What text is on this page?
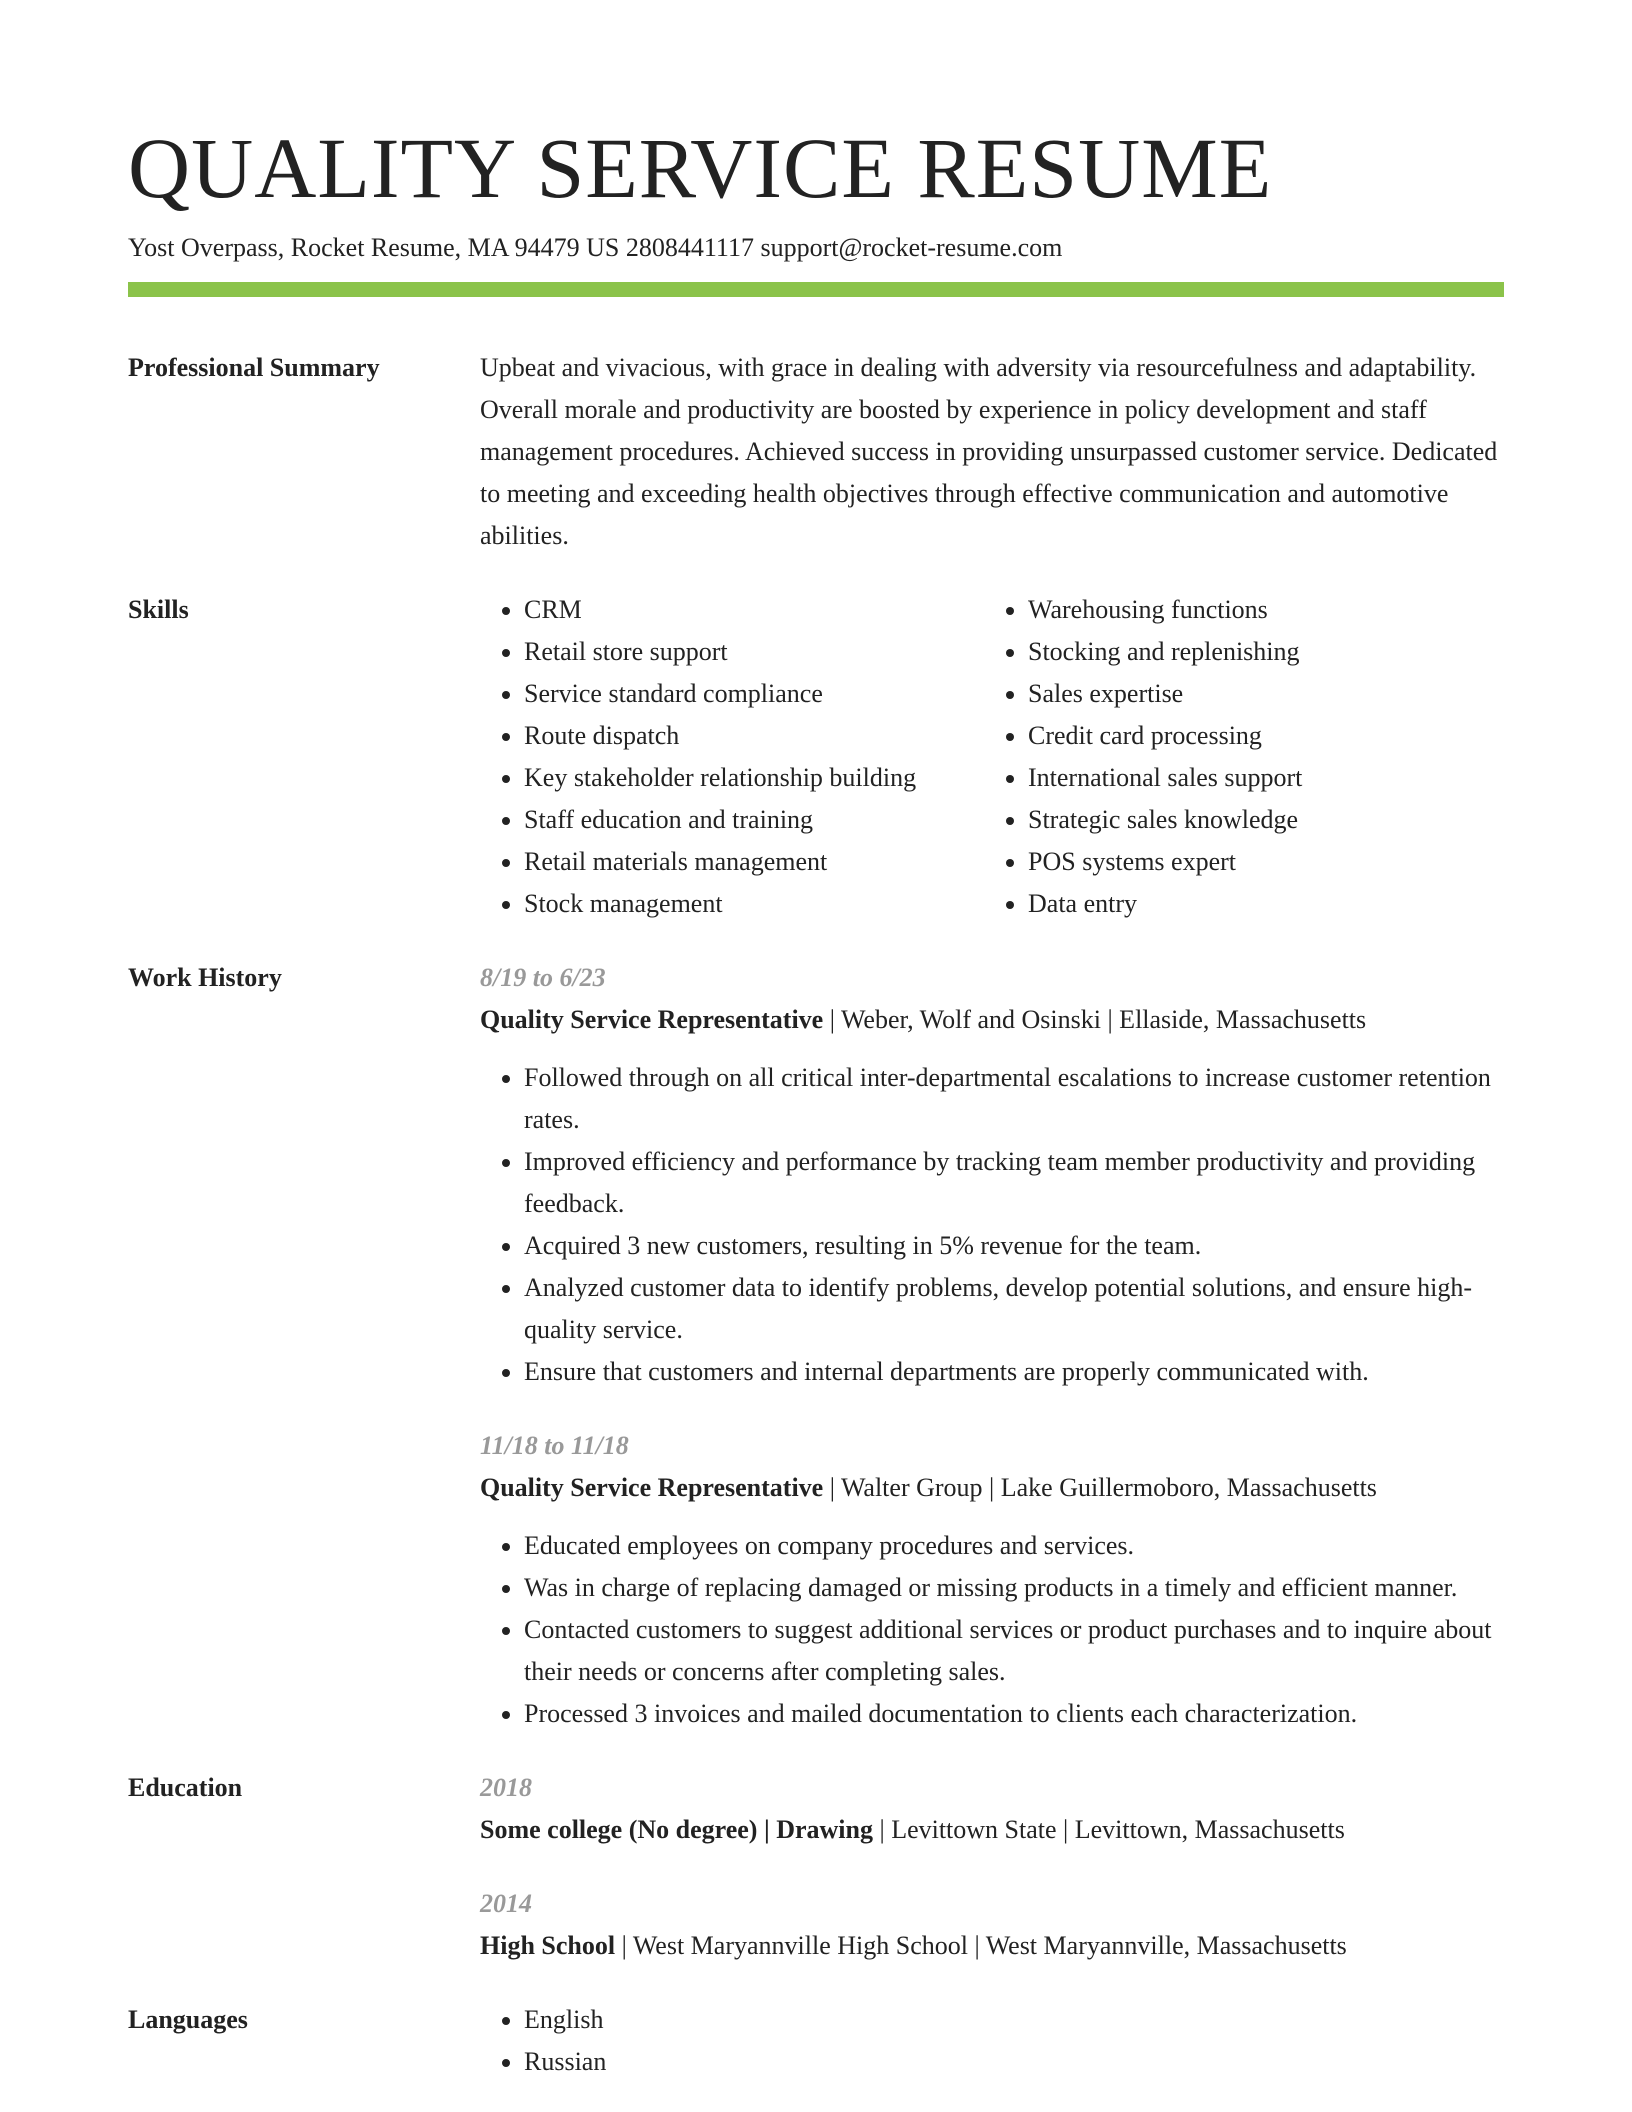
QUALITY SERVICE RESUME
Yost Overpass, Rocket Resume, MA 94479 US 2808441117 support@rocket-resume.com
Professional Summary	Upbeat and vivacious, with grace in dealing with adversity via resourcefulness and adaptability. Overall morale and productivity are boosted by experience in policy development and staff management procedures. Achieved success in providing unsurpassed customer service. Dedicated to meeting and exceeding health objectives through effective communication and automotive abilities.
Skills	• CRM
• Retail store support
• Service standard compliance
• Route dispatch
• Key stakeholder relationship building
• Staff education and training
• Retail materials management
• Stock management
• Warehousing functions
• Stocking and replenishing
• Sales expertise
• Credit card processing
• International sales support
• Strategic sales knowledge
• POS systems expert
• Data entry
Work History	8/19 to 6/23
Quality Service Representative | Weber, Wolf and Osinski | Ellaside, Massachusetts
• Followed through on all critical inter-departmental escalations to increase customer retention rates.
• Improved efficiency and performance by tracking team member productivity and providing feedback.
• Acquired 3 new customers, resulting in 5% revenue for the team.
• Analyzed customer data to identify problems, develop potential solutions, and ensure high-quality service.
• Ensure that customers and internal departments are properly communicated with.
11/18 to 11/18
Quality Service Representative | Walter Group | Lake Guillermoboro, Massachusetts
• Educated employees on company procedures and services.
• Was in charge of replacing damaged or missing products in a timely and efficient manner.
• Contacted customers to suggest additional services or product purchases and to inquire about their needs or concerns after completing sales.
• Processed 3 invoices and mailed documentation to clients each characterization.
Education	2018
Some college (No degree) | Drawing | Levittown State | Levittown, Massachusetts
2014
High School | West Maryannville High School | West Maryannville, Massachusetts
Languages	• English
• Russian
